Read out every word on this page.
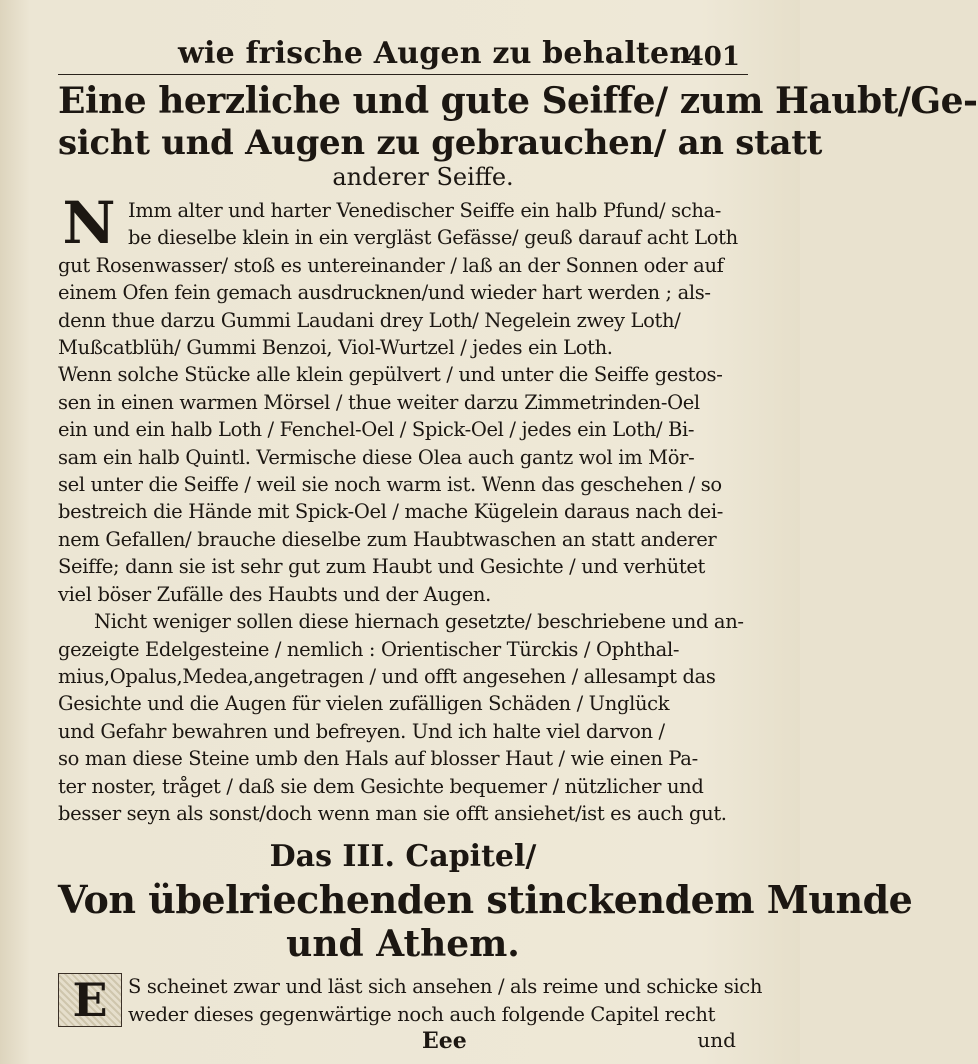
wie frische Augen zu behalten.
401

Eine herzliche und gute Seiffe/ zum Haubt/Ge-

sicht und Augen zu gebrauchen/ an statt

anderer Seiffe.

N Imm alter und harter Venedischer Seiffe ein halb Pfund/ scha-
be dieselbe klein in ein vergläst Gefässe/ geuß darauf acht Loth
gut Rosenwasser/ stoß es untereinander / laß an der Sonnen oder auf
einem Ofen fein gemach ausdrucknen/und wieder hart werden ; als-
denn thue darzu Gummi Laudani drey Loth/ Negelein zwey Loth/
Mußcatblüh/ Gummi Benzoi, Viol-Wurtzel / jedes ein Loth.
Wenn solche Stücke alle klein gepülvert / und unter die Seiffe gestos-
sen in einen warmen Mörsel / thue weiter darzu Zimmetrinden-Oel
ein und ein halb Loth / Fenchel-Oel / Spick-Oel / jedes ein Loth/ Bi-
sam ein halb Quintl. Vermische diese Olea auch gantz wol im Mör-
sel unter die Seiffe / weil sie noch warm ist. Wenn das geschehen / so
bestreich die Hände mit Spick-Oel / mache Kügelein daraus nach dei-
nem Gefallen/ brauche dieselbe zum Haubtwaschen an statt anderer
Seiffe; dann sie ist sehr gut zum Haubt und Gesichte / und verhütet
viel böser Zufälle des Haubts und der Augen.
Nicht weniger sollen diese hiernach gesetzte/ beschriebene und an-
gezeigte Edelgesteine / nemlich : Orientischer Türckis / Ophthal-
mius,Opalus,Medea,angetragen / und offt angesehen / allesampt das
Gesichte und die Augen für vielen zufälligen Schäden / Unglück
und Gefahr bewahren und befreyen. Und ich halte viel darvon /
so man diese Steine umb den Hals auf blosser Haut / wie einen Pa-
ter noster, tråget / daß sie dem Gesichte bequemer / nützlicher und
besser seyn als sonst/doch wenn man sie offt ansiehet/ist es auch gut.
Das III. Capitel/
Von übelriechenden stinckendem Munde
und Athem.
E	S scheinet zwar und läst sich ansehen / als reime und schicke sich
weder dieses gegenwärtige noch auch folgende Capitel recht
Eee	und
